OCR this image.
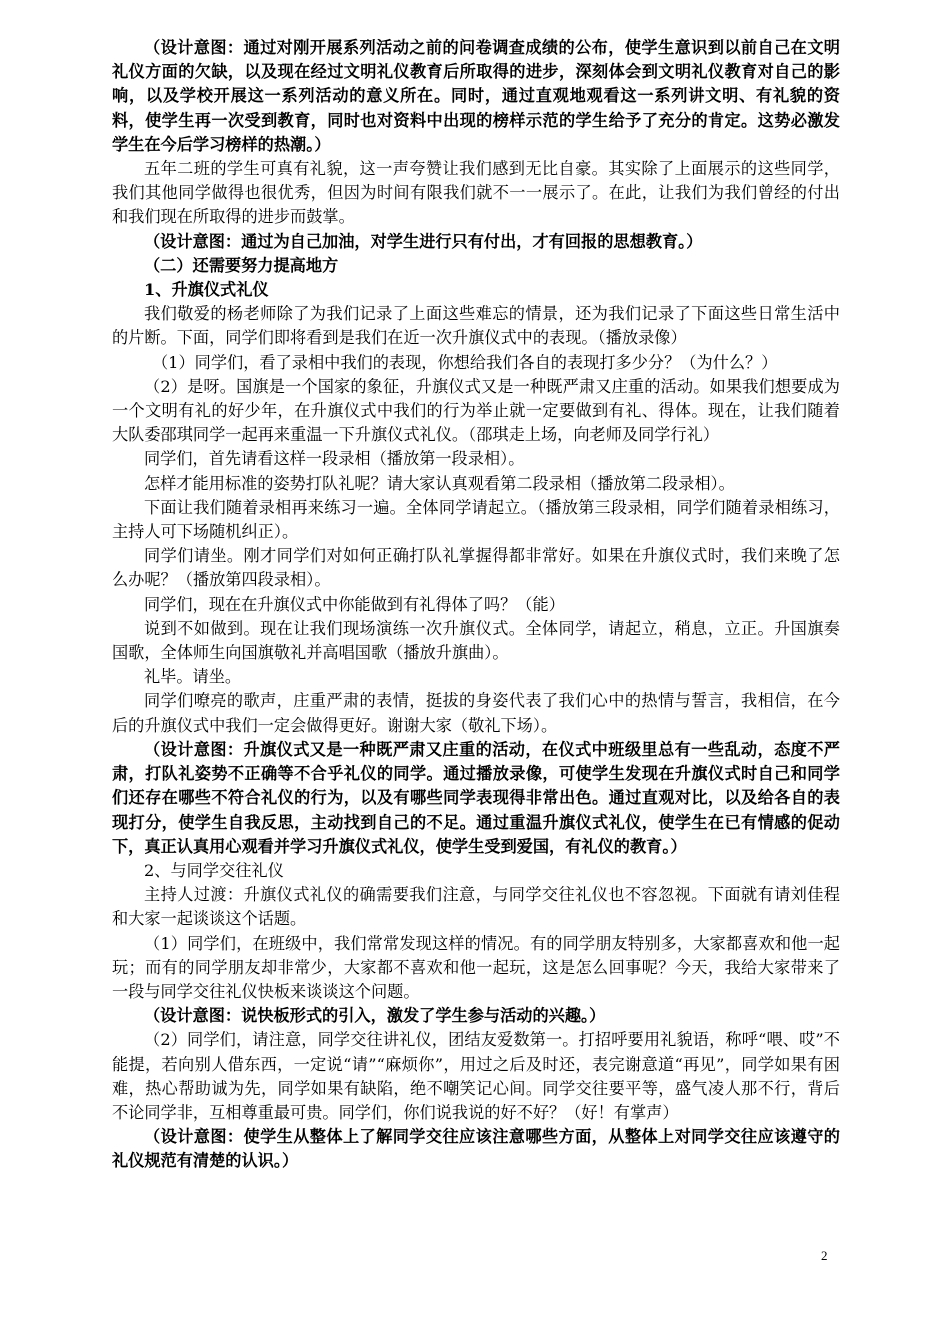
（设计意图：通过对刚开展系列活动之前的问卷调查成绩的公布，使学生意识到以前自己在文明礼仪方面的欠缺，以及现在经过文明礼仪教育后所取得的进步，深刻体会到文明礼仪教育对自己的影响，以及学校开展这一系列活动的意义所在。同时，通过直观地观看这一系列讲文明、有礼貌的资料，使学生再一次受到教育，同时也对资料中出现的榜样示范的学生给予了充分的肯定。这势必激发学生在今后学习榜样的热潮。）

五年二班的学生可真有礼貌，这一声夸赞让我们感到无比自豪。其实除了上面展示的这些同学，我们其他同学做得也很优秀，但因为时间有限我们就不一一展示了。在此，让我们为我们曾经的付出和我们现在所取得的进步而鼓掌。

（设计意图：通过为自己加油，对学生进行只有付出，才有回报的思想教育。）

（二）还需要努力提高地方

1、升旗仪式礼仪

我们敬爱的杨老师除了为我们记录了上面这些难忘的情景，还为我们记录了下面这些日常生活中的片断。下面，同学们即将看到是我们在近一次升旗仪式中的表现。（播放录像）

（1）同学们，看了录相中我们的表现，你想给我们各自的表现打多少分？（为什么？）

（2）是呀。国旗是一个国家的象征，升旗仪式又是一种既严肃又庄重的活动。如果我们想要成为一个文明有礼的好少年，在升旗仪式中我们的行为举止就一定要做到有礼、得体。现在，让我们随着大队委邵琪同学一起再来重温一下升旗仪式礼仪。（邵琪走上场，向老师及同学行礼）

同学们，首先请看这样一段录相（播放第一段录相）。

怎样才能用标准的姿势打队礼呢？请大家认真观看第二段录相（播放第二段录相）。

下面让我们随着录相再来练习一遍。全体同学请起立。（播放第三段录相，同学们随着录相练习，主持人可下场随机纠正）。

同学们请坐。刚才同学们对如何正确打队礼掌握得都非常好。如果在升旗仪式时，我们来晚了怎么办呢？（播放第四段录相）。

同学们，现在在升旗仪式中你能做到有礼得体了吗？（能）

说到不如做到。现在让我们现场演练一次升旗仪式。全体同学，请起立，稍息，立正。升国旗奏国歌，全体师生向国旗敬礼并高唱国歌（播放升旗曲）。

礼毕。请坐。

同学们嘹亮的歌声，庄重严肃的表情，挺拔的身姿代表了我们心中的热情与誓言，我相信，在今后的升旗仪式中我们一定会做得更好。谢谢大家（敬礼下场）。

（设计意图：升旗仪式又是一种既严肃又庄重的活动，在仪式中班级里总有一些乱动，态度不严肃，打队礼姿势不正确等不合乎礼仪的同学。通过播放录像，可使学生发现在升旗仪式时自己和同学们还存在哪些不符合礼仪的行为，以及有哪些同学表现得非常出色。通过直观对比，以及给各自的表现打分，使学生自我反思，主动找到自己的不足。通过重温升旗仪式礼仪，使学生在已有情感的促动下，真正认真用心观看并学习升旗仪式礼仪，使学生受到爱国，有礼仪的教育。）

2、与同学交往礼仪

主持人过渡：升旗仪式礼仪的确需要我们注意，与同学交往礼仪也不容忽视。下面就有请刘佳程和大家一起谈谈这个话题。

（1）同学们，在班级中，我们常常发现这样的情况。有的同学朋友特别多，大家都喜欢和他一起玩；而有的同学朋友却非常少，大家都不喜欢和他一起玩，这是怎么回事呢？今天，我给大家带来了一段与同学交往礼仪快板来谈谈这个问题。

（设计意图：说快板形式的引入，激发了学生参与活动的兴趣。）

（2）同学们，请注意，同学交往讲礼仪，团结友爱数第一。打招呼要用礼貌语，称呼“喂、哎”不能提，若向别人借东西，一定说“请”“麻烦你”，用过之后及时还，表完谢意道“再见”，同学如果有困难，热心帮助诚为先，同学如果有缺陷，绝不嘲笑记心间。同学交往要平等，盛气凌人那不行，背后不论同学非，互相尊重最可贵。同学们，你们说我说的好不好？（好！有掌声）

（设计意图：使学生从整体上了解同学交往应该注意哪些方面，从整体上对同学交往应该遵守的礼仪规范有清楚的认识。）

2
